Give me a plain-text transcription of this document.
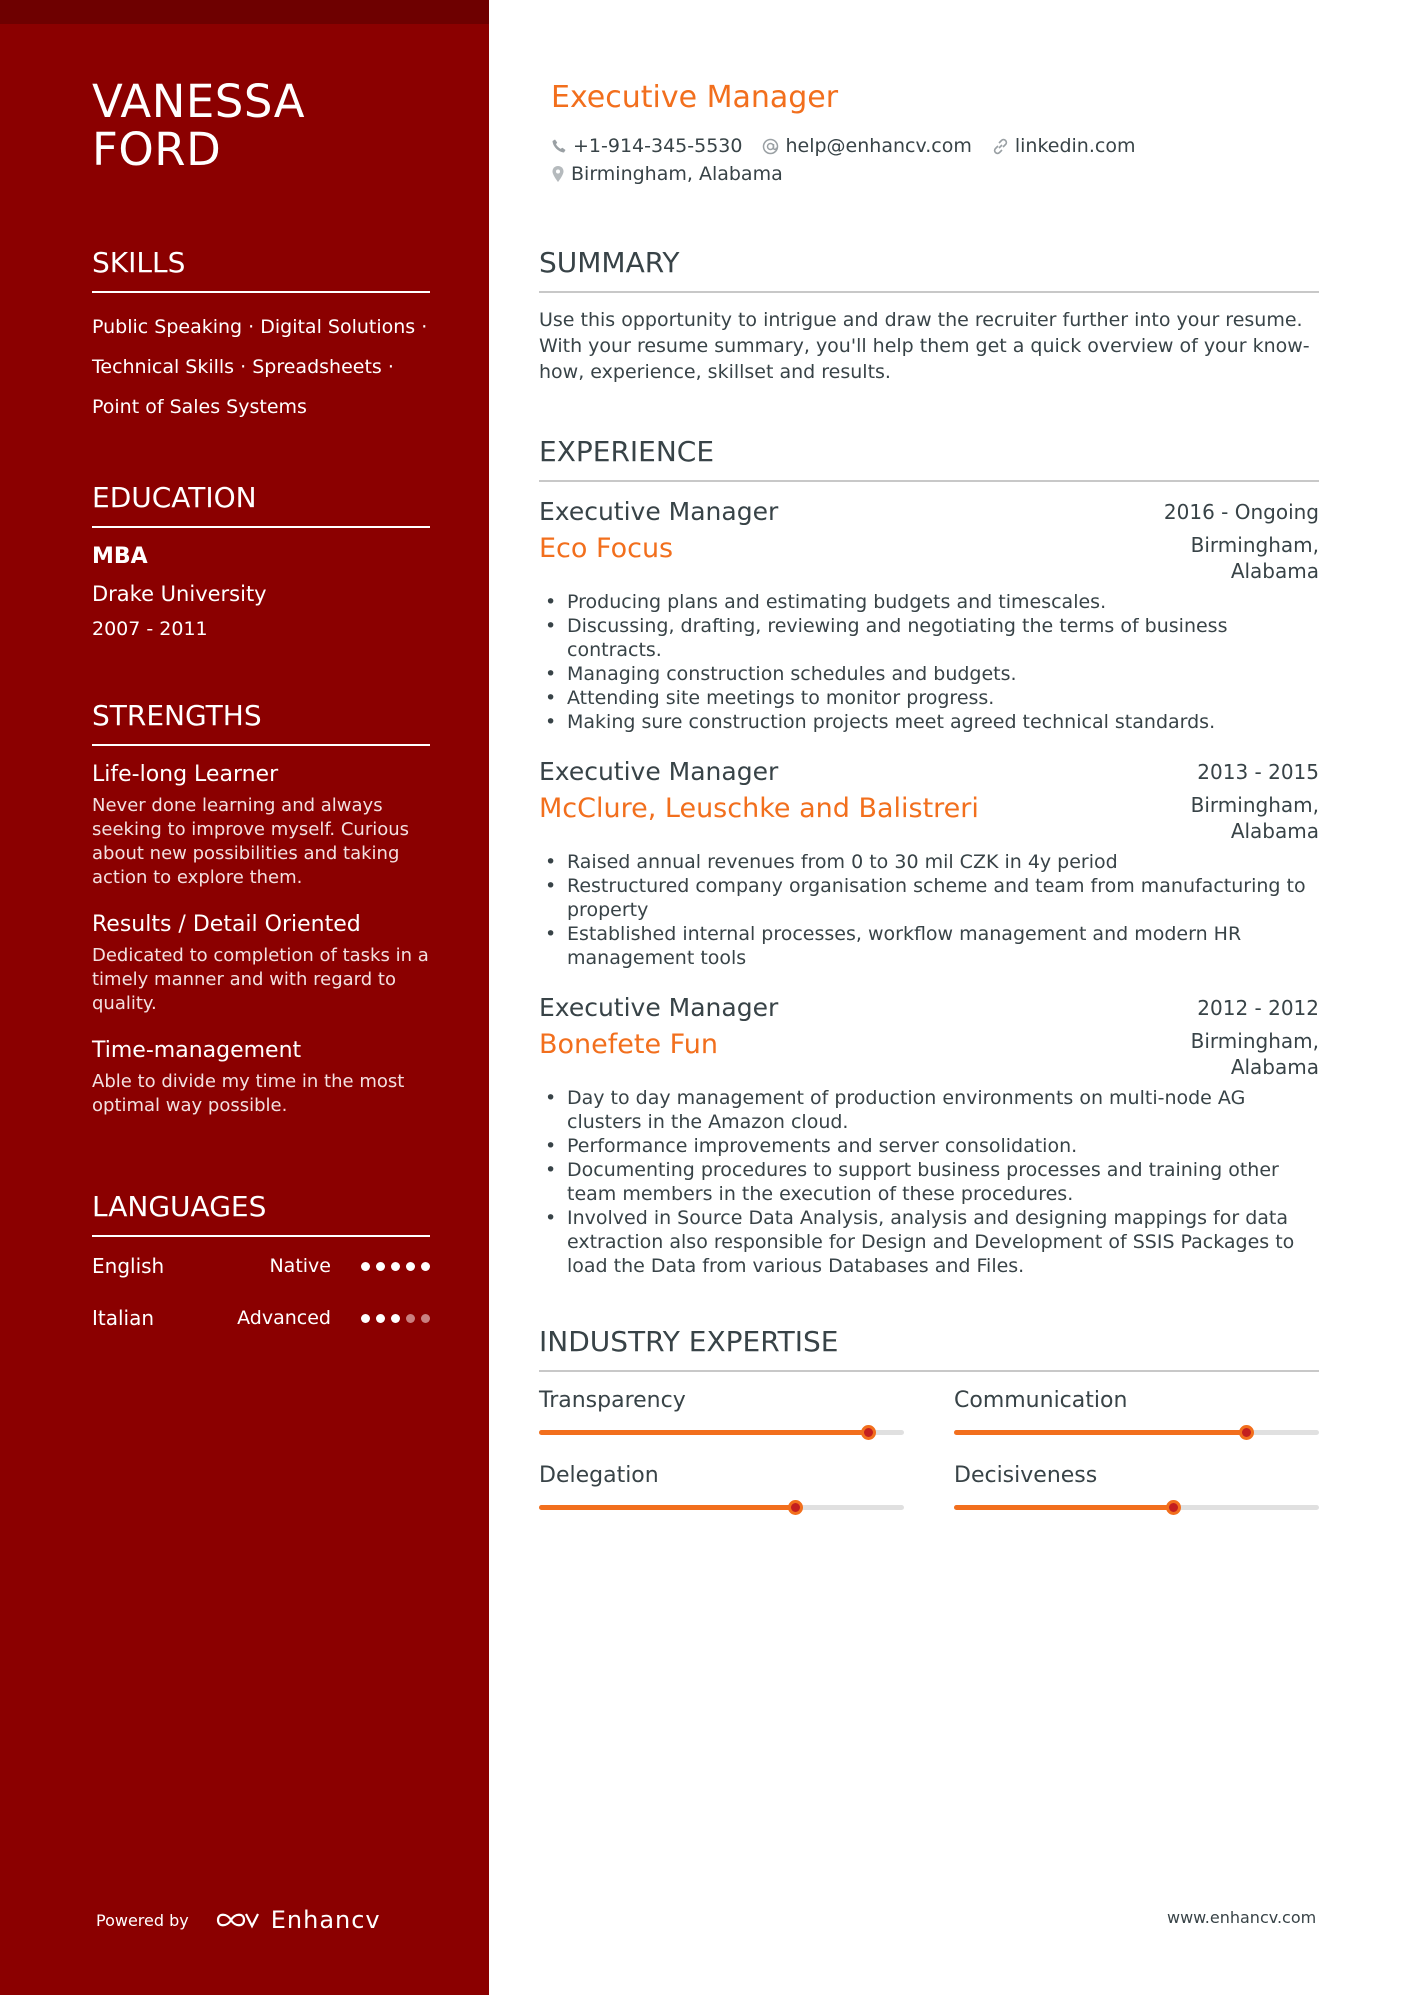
VANESSA
FORD
SKILLS
Public Speaking · Digital Solutions ·
Technical Skills · Spreadsheets ·
Point of Sales Systems
EDUCATION
MBA
Drake University
2007 - 2011
STRENGTHS
Life-long Learner
Never done learning and always seeking to improve myself. Curious about new possibilities and taking action to explore them.
Results / Detail Oriented
Dedicated to completion of tasks in a timely manner and with regard to quality.
Time-management
Able to divide my time in the most optimal way possible.
LANGUAGES
English	Native
Italian	Advanced
Powered by	Enhancv
Executive Manager
+1-914-345-5530 help@enhancv.com linkedin.com
Birmingham, Alabama
SUMMARY

Use this opportunity to intrigue and draw the recruiter further into your resume. With your resume summary, you'll help them get a quick overview of your know-how, experience, skillset and results.

EXPERIENCE
Executive Manager	2016 - Ongoing
Eco Focus	Birmingham,
Alabama
• Producing plans and estimating budgets and timescales.
• Discussing, drafting, reviewing and negotiating the terms of business contracts.
• Managing construction schedules and budgets.
• Attending site meetings to monitor progress.
• Making sure construction projects meet agreed technical standards.
Executive Manager	2013 - 2015
McClure, Leuschke and Balistreri	Birmingham,
Alabama
• Raised annual revenues from 0 to 30 mil CZK in 4y period
• Restructured company organisation scheme and team from manufacturing to property
• Established internal processes, workflow management and modern HR management tools
Executive Manager	2012 - 2012
Bonefete Fun	Birmingham,
Alabama
• Day to day management of production environments on multi-node AG clusters in the Amazon cloud.
• Performance improvements and server consolidation.
• Documenting procedures to support business processes and training other team members in the execution of these procedures.
• Involved in Source Data Analysis, analysis and designing mappings for data extraction also responsible for Design and Development of SSIS Packages to load the Data from various Databases and Files.
INDUSTRY EXPERTISE
Transparency	Communication
Delegation	Decisiveness
www.enhancv.com
